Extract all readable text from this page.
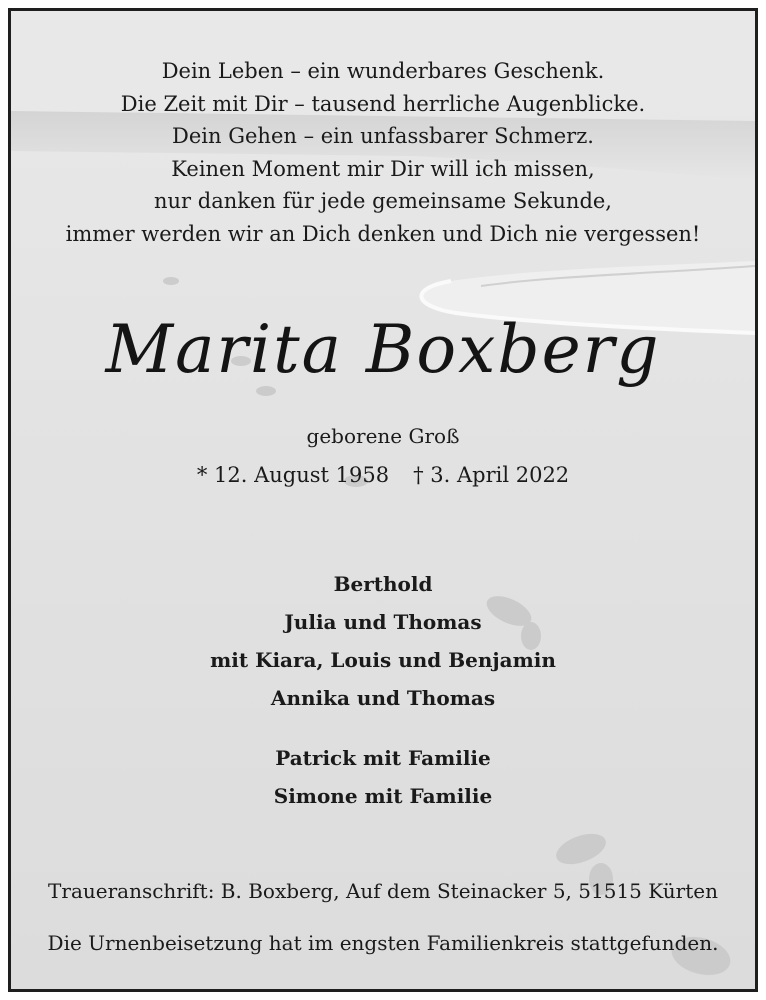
Dein Leben – ein wunderbares Geschenk.
Die Zeit mit Dir – tausend herrliche Augenblicke.
Dein Gehen – ein unfassbarer Schmerz.
Keinen Moment mir Dir will ich missen,
nur danken für jede gemeinsame Sekunde,
immer werden wir an Dich denken und Dich nie vergessen!
Marita Boxberg
geborene Groß
* 12. August 1958 † 3. April 2022
Berthold
Julia und Thomas
mit Kiara, Louis und Benjamin
Annika und Thomas
Patrick mit Familie
Simone mit Familie
Traueranschrift: B. Boxberg, Auf dem Steinacker 5, 51515 Kürten
Die Urnenbeisetzung hat im engsten Familienkreis stattgefunden.
